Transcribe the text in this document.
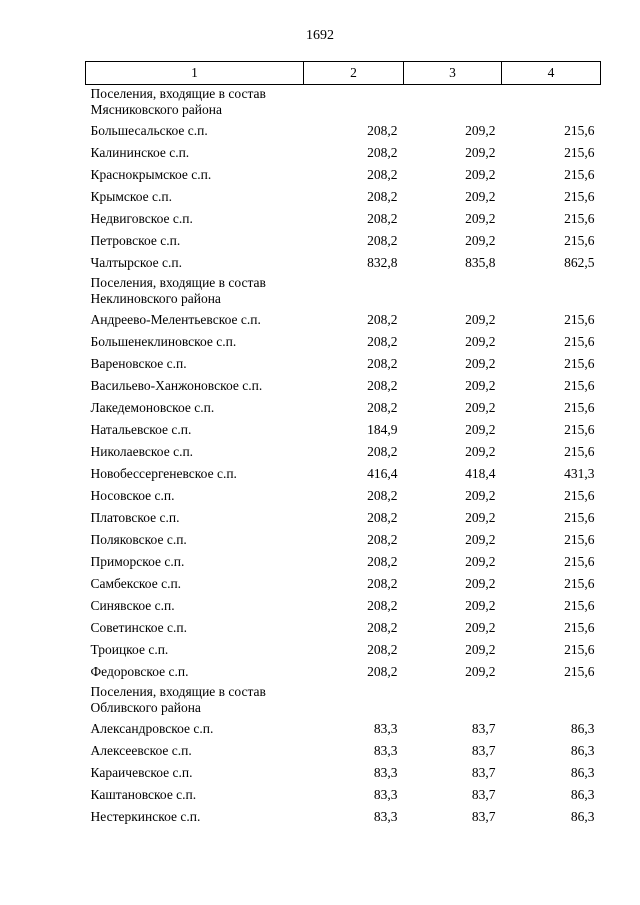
1692
1	2	3	4
Поселения, входящие в состав Мясниковского района			
Большесальское с.п.	208,2	209,2	215,6
Калининское с.п.	208,2	209,2	215,6
Краснокрымское с.п.	208,2	209,2	215,6
Крымское с.п.	208,2	209,2	215,6
Недвиговское с.п.	208,2	209,2	215,6
Петровское с.п.	208,2	209,2	215,6
Чалтырское с.п.	832,8	835,8	862,5
Поселения, входящие в состав Неклиновского района			
Андреево-Мелентьевское с.п.	208,2	209,2	215,6
Большенеклиновское с.п.	208,2	209,2	215,6
Вареновское с.п.	208,2	209,2	215,6
Васильево-Ханжоновское с.п.	208,2	209,2	215,6
Лакедемоновское с.п.	208,2	209,2	215,6
Натальевское с.п.	184,9	209,2	215,6
Николаевское с.п.	208,2	209,2	215,6
Новобессергеневское с.п.	416,4	418,4	431,3
Носовское с.п.	208,2	209,2	215,6
Платовское с.п.	208,2	209,2	215,6
Поляковское с.п.	208,2	209,2	215,6
Приморское с.п.	208,2	209,2	215,6
Самбекское с.п.	208,2	209,2	215,6
Синявское с.п.	208,2	209,2	215,6
Советинское с.п.	208,2	209,2	215,6
Троицкое с.п.	208,2	209,2	215,6
Федоровское с.п.	208,2	209,2	215,6
Поселения, входящие в состав Обливского района			
Александровское с.п.	83,3	83,7	86,3
Алексеевское с.п.	83,3	83,7	86,3
Караичевское с.п.	83,3	83,7	86,3
Каштановское с.п.	83,3	83,7	86,3
Нестеркинское с.п.	83,3	83,7	86,3
